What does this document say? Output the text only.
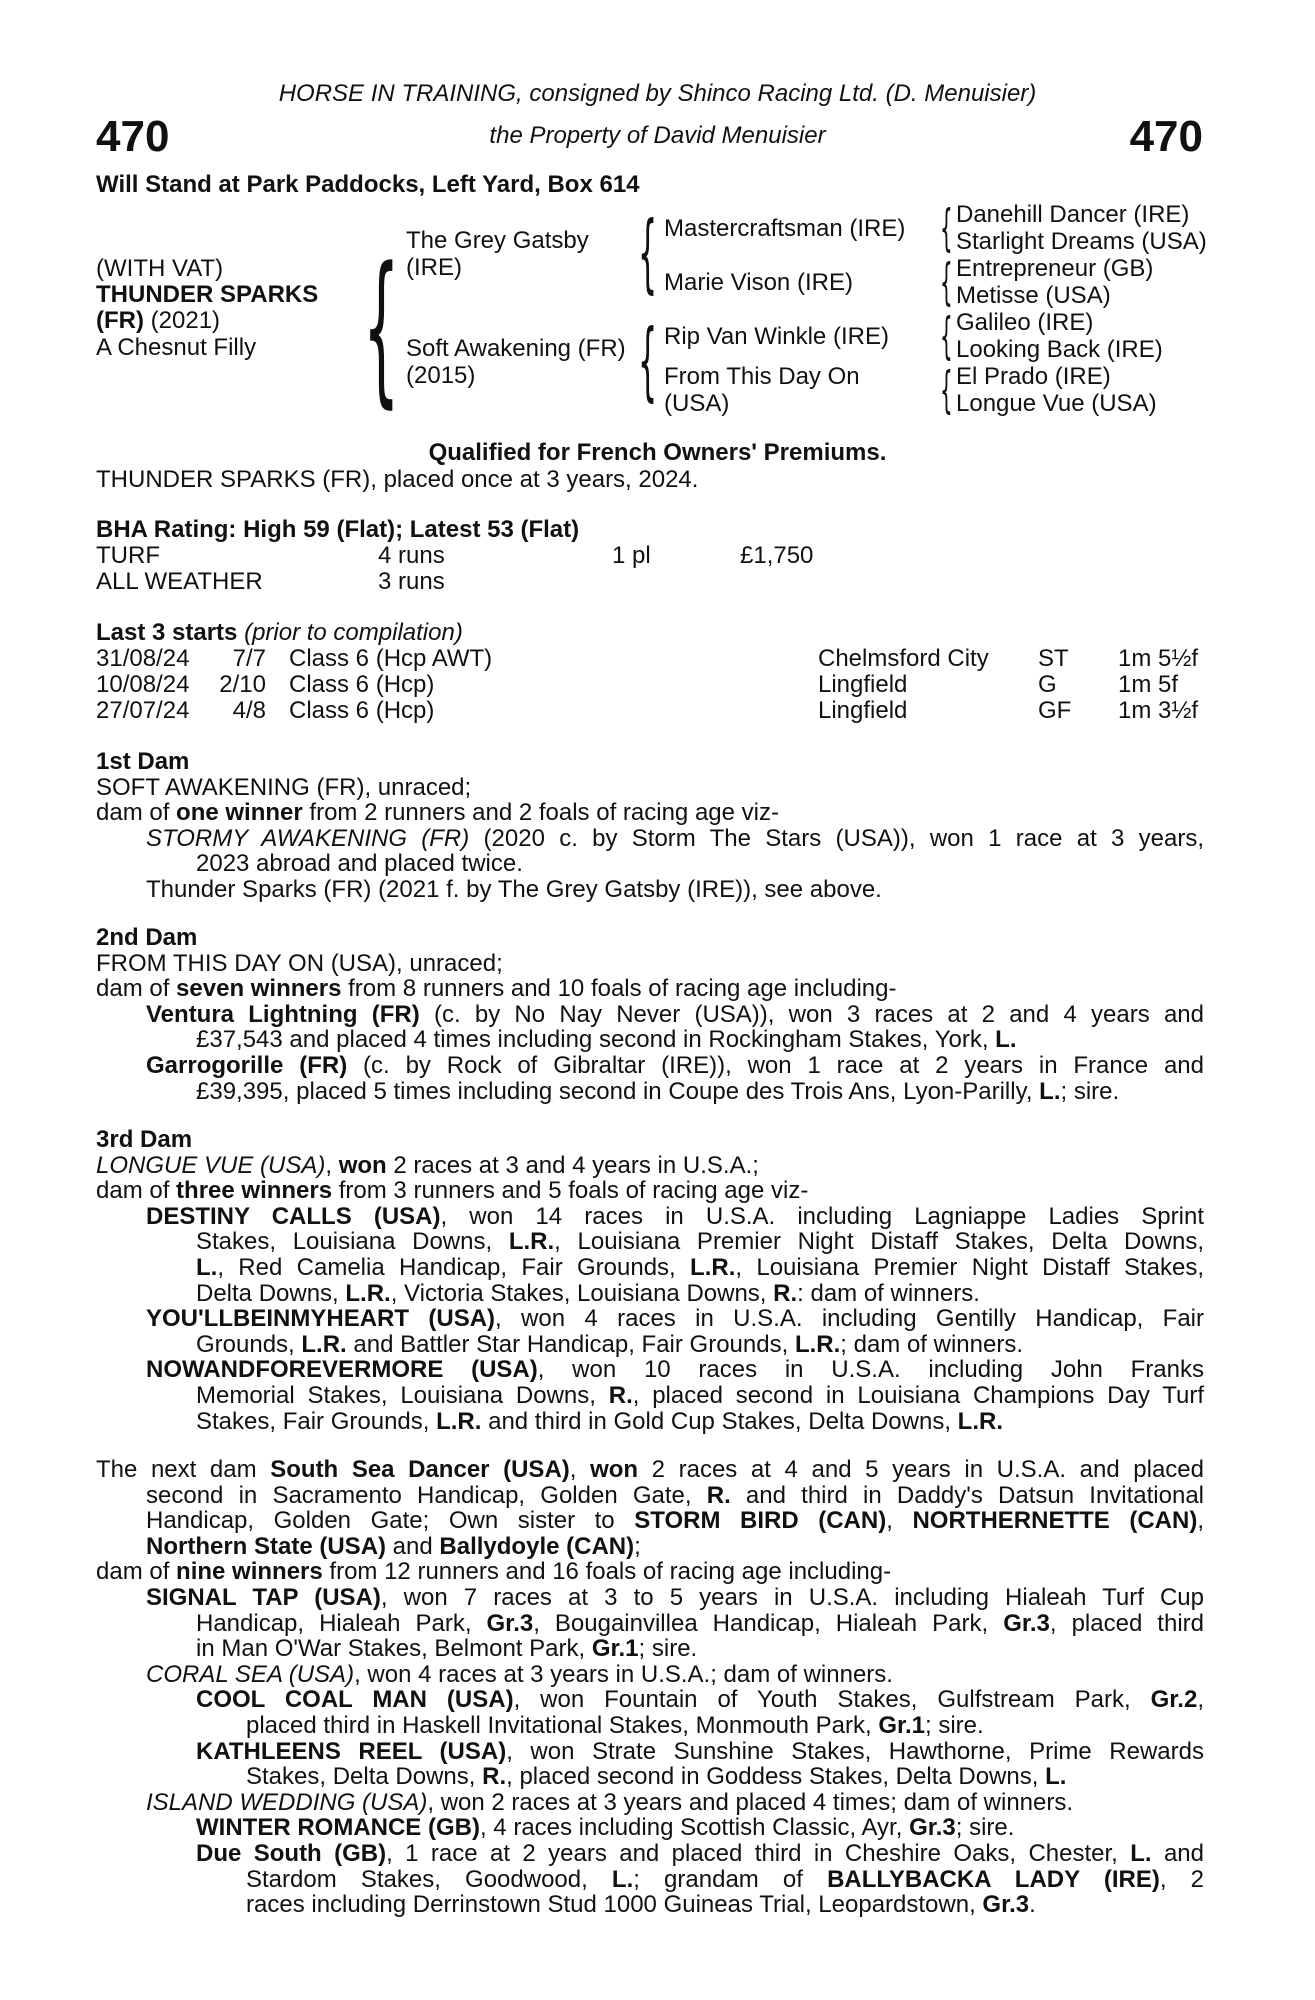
HORSE IN TRAINING, consigned by Shinco Racing Ltd. (D. Menuisier)
470	the Property of David Menuisier	470
Will Stand at Park Paddocks, Left Yard, Box 614
(WITH VAT)
THUNDER SPARKS
(FR) (2021)
A Chesnut Filly { The Grey Gatsby
(IRE)
Soft Awakening (FR)
(2015)
{
{
Mastercraftsman (IRE)
Marie Vison (IRE)
Rip Van Winkle (IRE)
From This Day On
(USA)
{
{
{
{
Danehill Dancer (IRE)
Starlight Dreams (USA)
Entrepreneur (GB)
Metisse (USA)
Galileo (IRE)
Looking Back (IRE)
El Prado (IRE)
Longue Vue (USA)
Qualified for French Owners' Premiums.
THUNDER SPARKS (FR), placed once at 3 years, 2024.
BHA Rating: High 59 (Flat); Latest 53 (Flat)
TURF	4 runs	1 pl	£1,750
ALL WEATHER	3 runs
Last 3 starts (prior to compilation)
31/08/24	7/7 Class 6 (Hcp AWT)	Chelmsford City ST 1m 5½f
10/08/24	2/10 Class 6 (Hcp)	Lingfield	G	1m 5f
27/07/24	4/8 Class 6 (Hcp)	Lingfield	GF 1m 3½f
1st Dam
SOFT AWAKENING (FR), unraced;
dam of one winner from 2 runners and 2 foals of racing age viz-
STORMY AWAKENING (FR) (2020 c. by Storm The Stars (USA)), won 1 race at 3 years,
2023 abroad and placed twice.
Thunder Sparks (FR) (2021 f. by The Grey Gatsby (IRE)), see above.
2nd Dam
FROM THIS DAY ON (USA), unraced;
dam of seven winners from 8 runners and 10 foals of racing age including-
Ventura Lightning (FR) (c. by No Nay Never (USA)), won 3 races at 2 and 4 years and
£37,543 and placed 4 times including second in Rockingham Stakes, York, L.
Garrogorille (FR) (c. by Rock of Gibraltar (IRE)), won 1 race at 2 years in France and
£39,395, placed 5 times including second in Coupe des Trois Ans, Lyon-Parilly, L.; sire.
3rd Dam
LONGUE VUE (USA), won 2 races at 3 and 4 years in U.S.A.;
dam of three winners from 3 runners and 5 foals of racing age viz-
DESTINY CALLS (USA), won 14 races in U.S.A. including Lagniappe Ladies Sprint
Stakes, Louisiana Downs, L.R., Louisiana Premier Night Distaff Stakes, Delta Downs,
L., Red Camelia Handicap, Fair Grounds, L.R., Louisiana Premier Night Distaff Stakes,
Delta Downs, L.R., Victoria Stakes, Louisiana Downs, R.: dam of winners.
YOU'LLBEINMYHEART (USA), won 4 races in U.S.A. including Gentilly Handicap, Fair
Grounds, L.R. and Battler Star Handicap, Fair Grounds, L.R.; dam of winners.
NOWANDFOREVERMORE (USA), won 10 races in U.S.A. including John Franks
Memorial Stakes, Louisiana Downs, R., placed second in Louisiana Champions Day Turf
Stakes, Fair Grounds, L.R. and third in Gold Cup Stakes, Delta Downs, L.R.
The next dam South Sea Dancer (USA), won 2 races at 4 and 5 years in U.S.A. and placed
second in Sacramento Handicap, Golden Gate, R. and third in Daddy's Datsun Invitational
Handicap, Golden Gate; Own sister to STORM BIRD (CAN), NORTHERNETTE (CAN),
Northern State (USA) and Ballydoyle (CAN);
dam of nine winners from 12 runners and 16 foals of racing age including-
SIGNAL TAP (USA), won 7 races at 3 to 5 years in U.S.A. including Hialeah Turf Cup
Handicap, Hialeah Park, Gr.3, Bougainvillea Handicap, Hialeah Park, Gr.3, placed third
in Man O'War Stakes, Belmont Park, Gr.1; sire.
CORAL SEA (USA), won 4 races at 3 years in U.S.A.; dam of winners.
COOL COAL MAN (USA), won Fountain of Youth Stakes, Gulfstream Park, Gr.2,
placed third in Haskell Invitational Stakes, Monmouth Park, Gr.1; sire.
KATHLEENS REEL (USA), won Strate Sunshine Stakes, Hawthorne, Prime Rewards
Stakes, Delta Downs, R., placed second in Goddess Stakes, Delta Downs, L.
ISLAND WEDDING (USA), won 2 races at 3 years and placed 4 times; dam of winners.
WINTER ROMANCE (GB), 4 races including Scottish Classic, Ayr, Gr.3; sire.
Due South (GB), 1 race at 2 years and placed third in Cheshire Oaks, Chester, L. and
Stardom Stakes, Goodwood, L.; grandam of BALLYBACKA LADY (IRE), 2
races including Derrinstown Stud 1000 Guineas Trial, Leopardstown, Gr.3.
